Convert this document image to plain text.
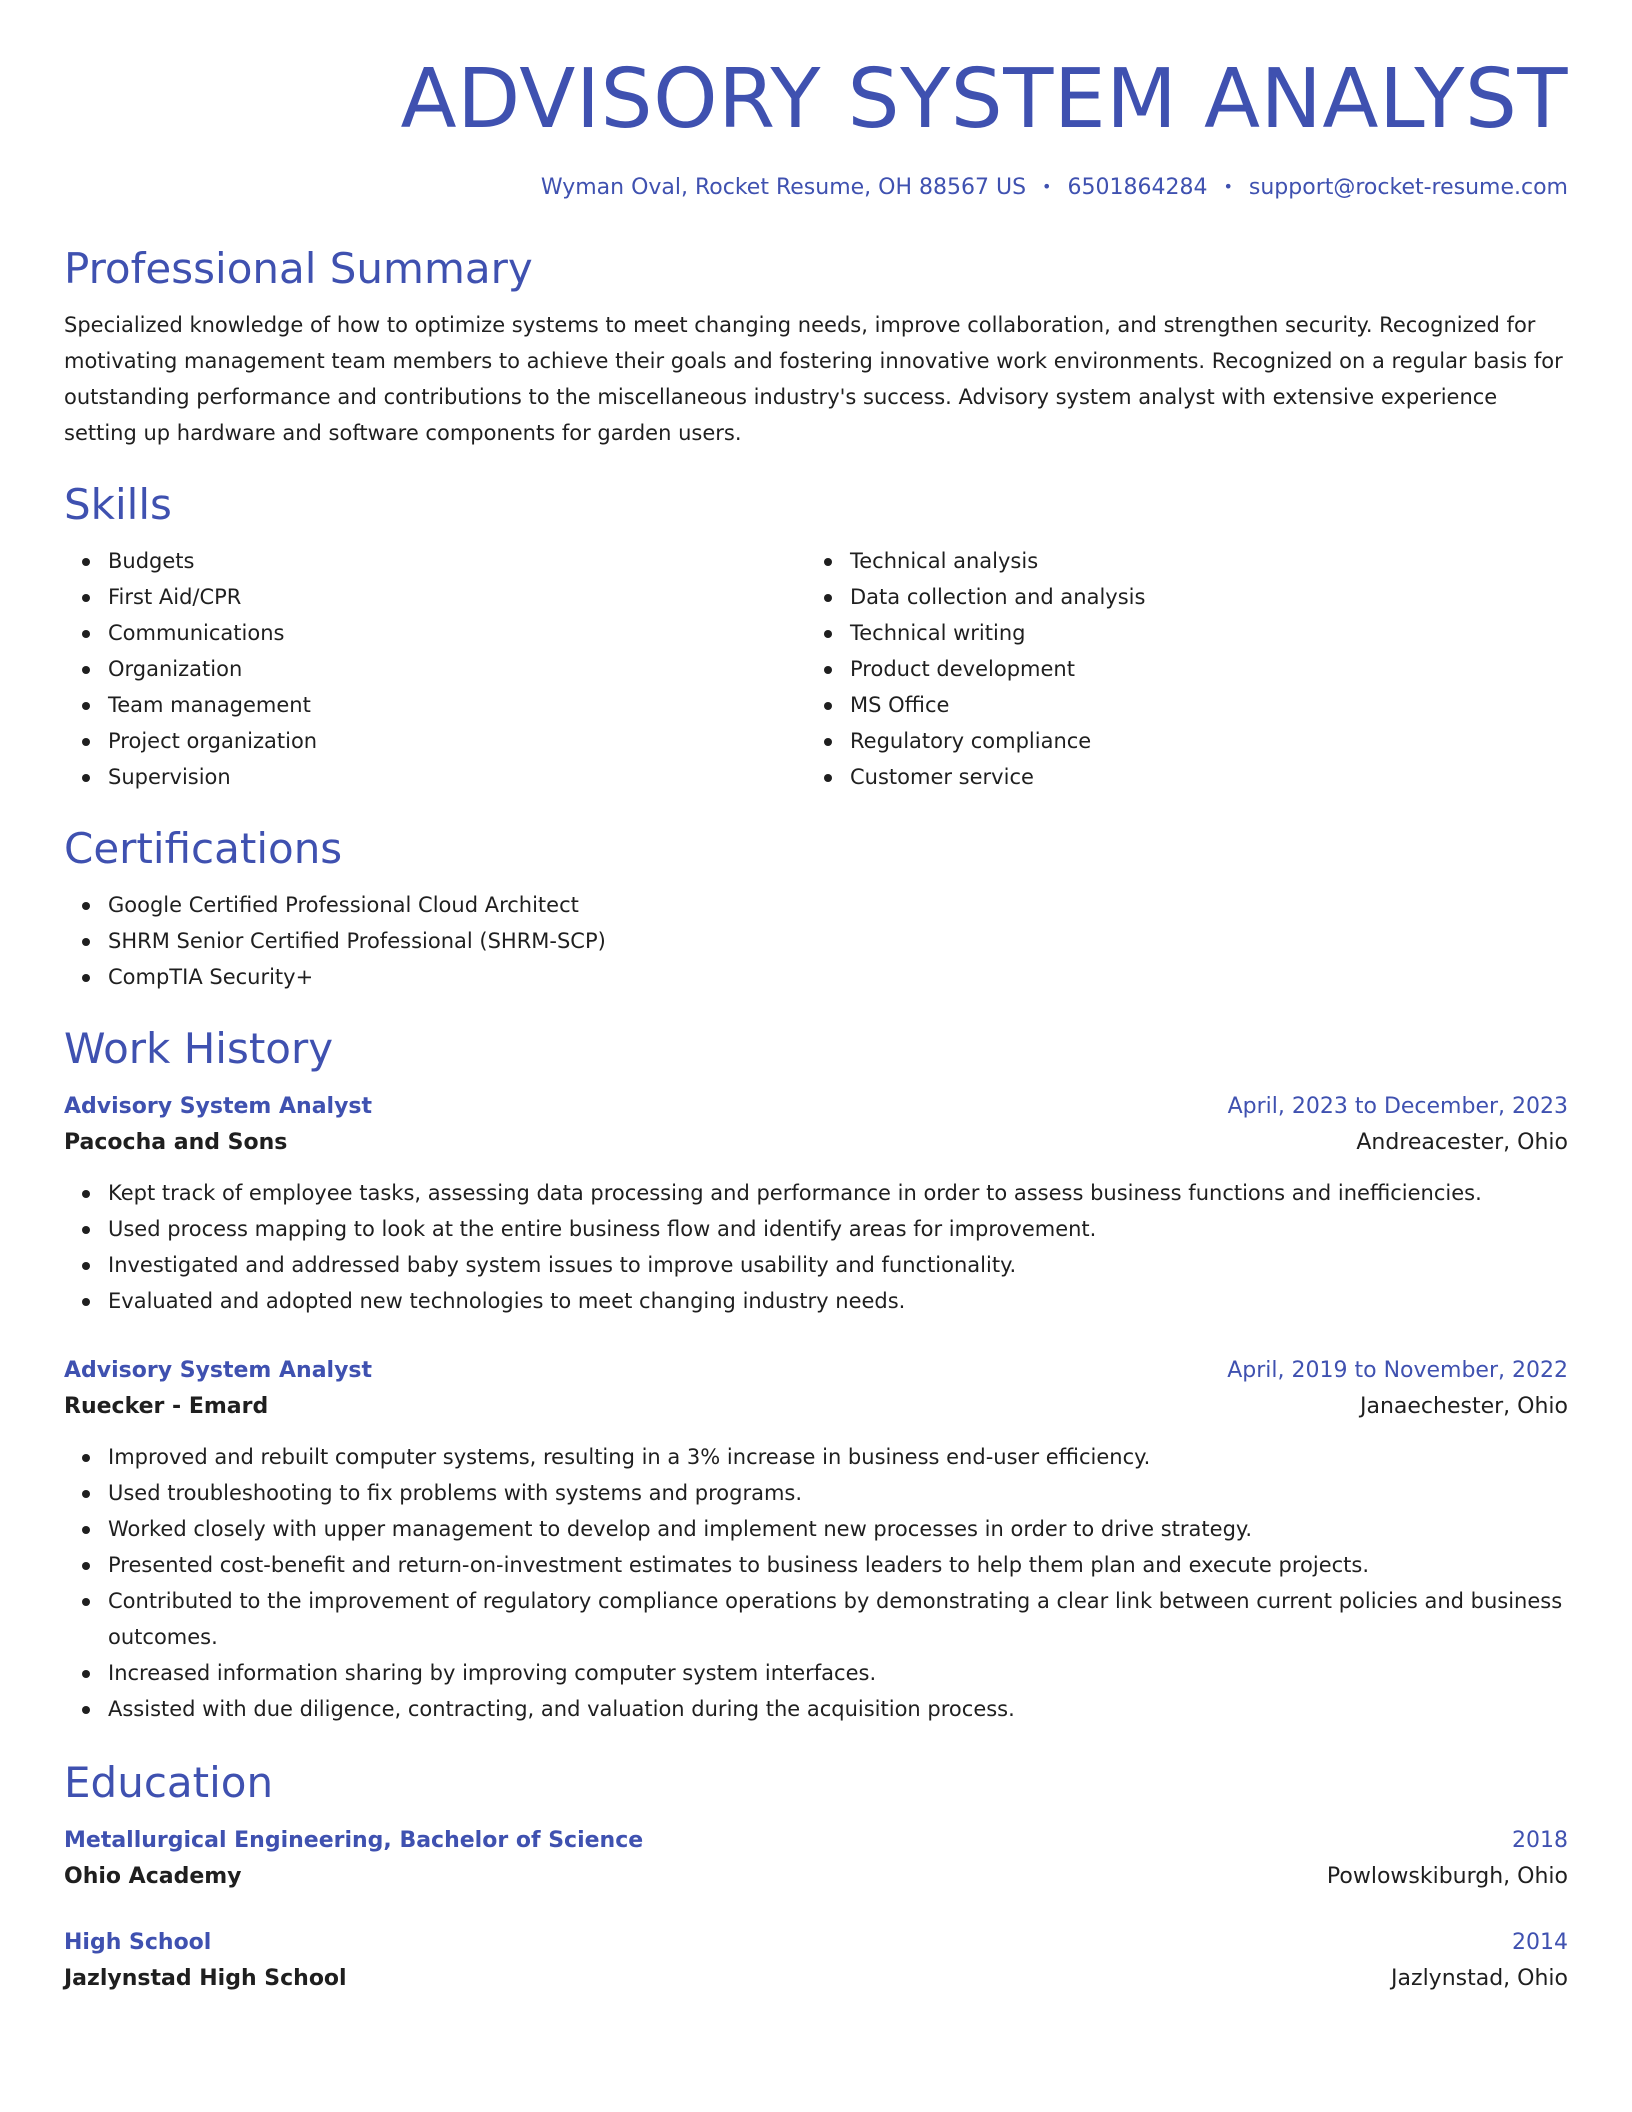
ADVISORY SYSTEM ANALYST
Wyman Oval, Rocket Resume, OH 88567 US • 6501864284 • support@rocket-resume.com
Professional Summary
Specialized knowledge of how to optimize systems to meet changing needs, improve collaboration, and strengthen security. Recognized for motivating management team members to achieve their goals and fostering innovative work environments. Recognized on a regular basis for outstanding performance and contributions to the miscellaneous industry's success. Advisory system analyst with extensive experience setting up hardware and software components for garden users.
Skills
Budgets
First Aid/CPR
Communications
Organization
Team management
Project organization
Supervision
Technical analysis
Data collection and analysis
Technical writing
Product development
MS Office
Regulatory compliance
Customer service
Certifications
Google Certified Professional Cloud Architect
SHRM Senior Certified Professional (SHRM-SCP)
CompTIA Security+
Work History
Advisory System Analyst	April, 2023 to December, 2023
Pacocha and Sons	Andreacester, Ohio
Kept track of employee tasks, assessing data processing and performance in order to assess business functions and inefficiencies.
Used process mapping to look at the entire business flow and identify areas for improvement.
Investigated and addressed baby system issues to improve usability and functionality.
Evaluated and adopted new technologies to meet changing industry needs.
Advisory System Analyst	April, 2019 to November, 2022
Ruecker - Emard	Janaechester, Ohio
Improved and rebuilt computer systems, resulting in a 3% increase in business end-user efficiency.
Used troubleshooting to fix problems with systems and programs.
Worked closely with upper management to develop and implement new processes in order to drive strategy.
Presented cost-benefit and return-on-investment estimates to business leaders to help them plan and execute projects.
Contributed to the improvement of regulatory compliance operations by demonstrating a clear link between current policies and business outcomes.
Increased information sharing by improving computer system interfaces.
Assisted with due diligence, contracting, and valuation during the acquisition process.
Education
Metallurgical Engineering, Bachelor of Science	2018
Ohio Academy	Powlowskiburgh, Ohio
High School	2014
Jazlynstad High School	Jazlynstad, Ohio
